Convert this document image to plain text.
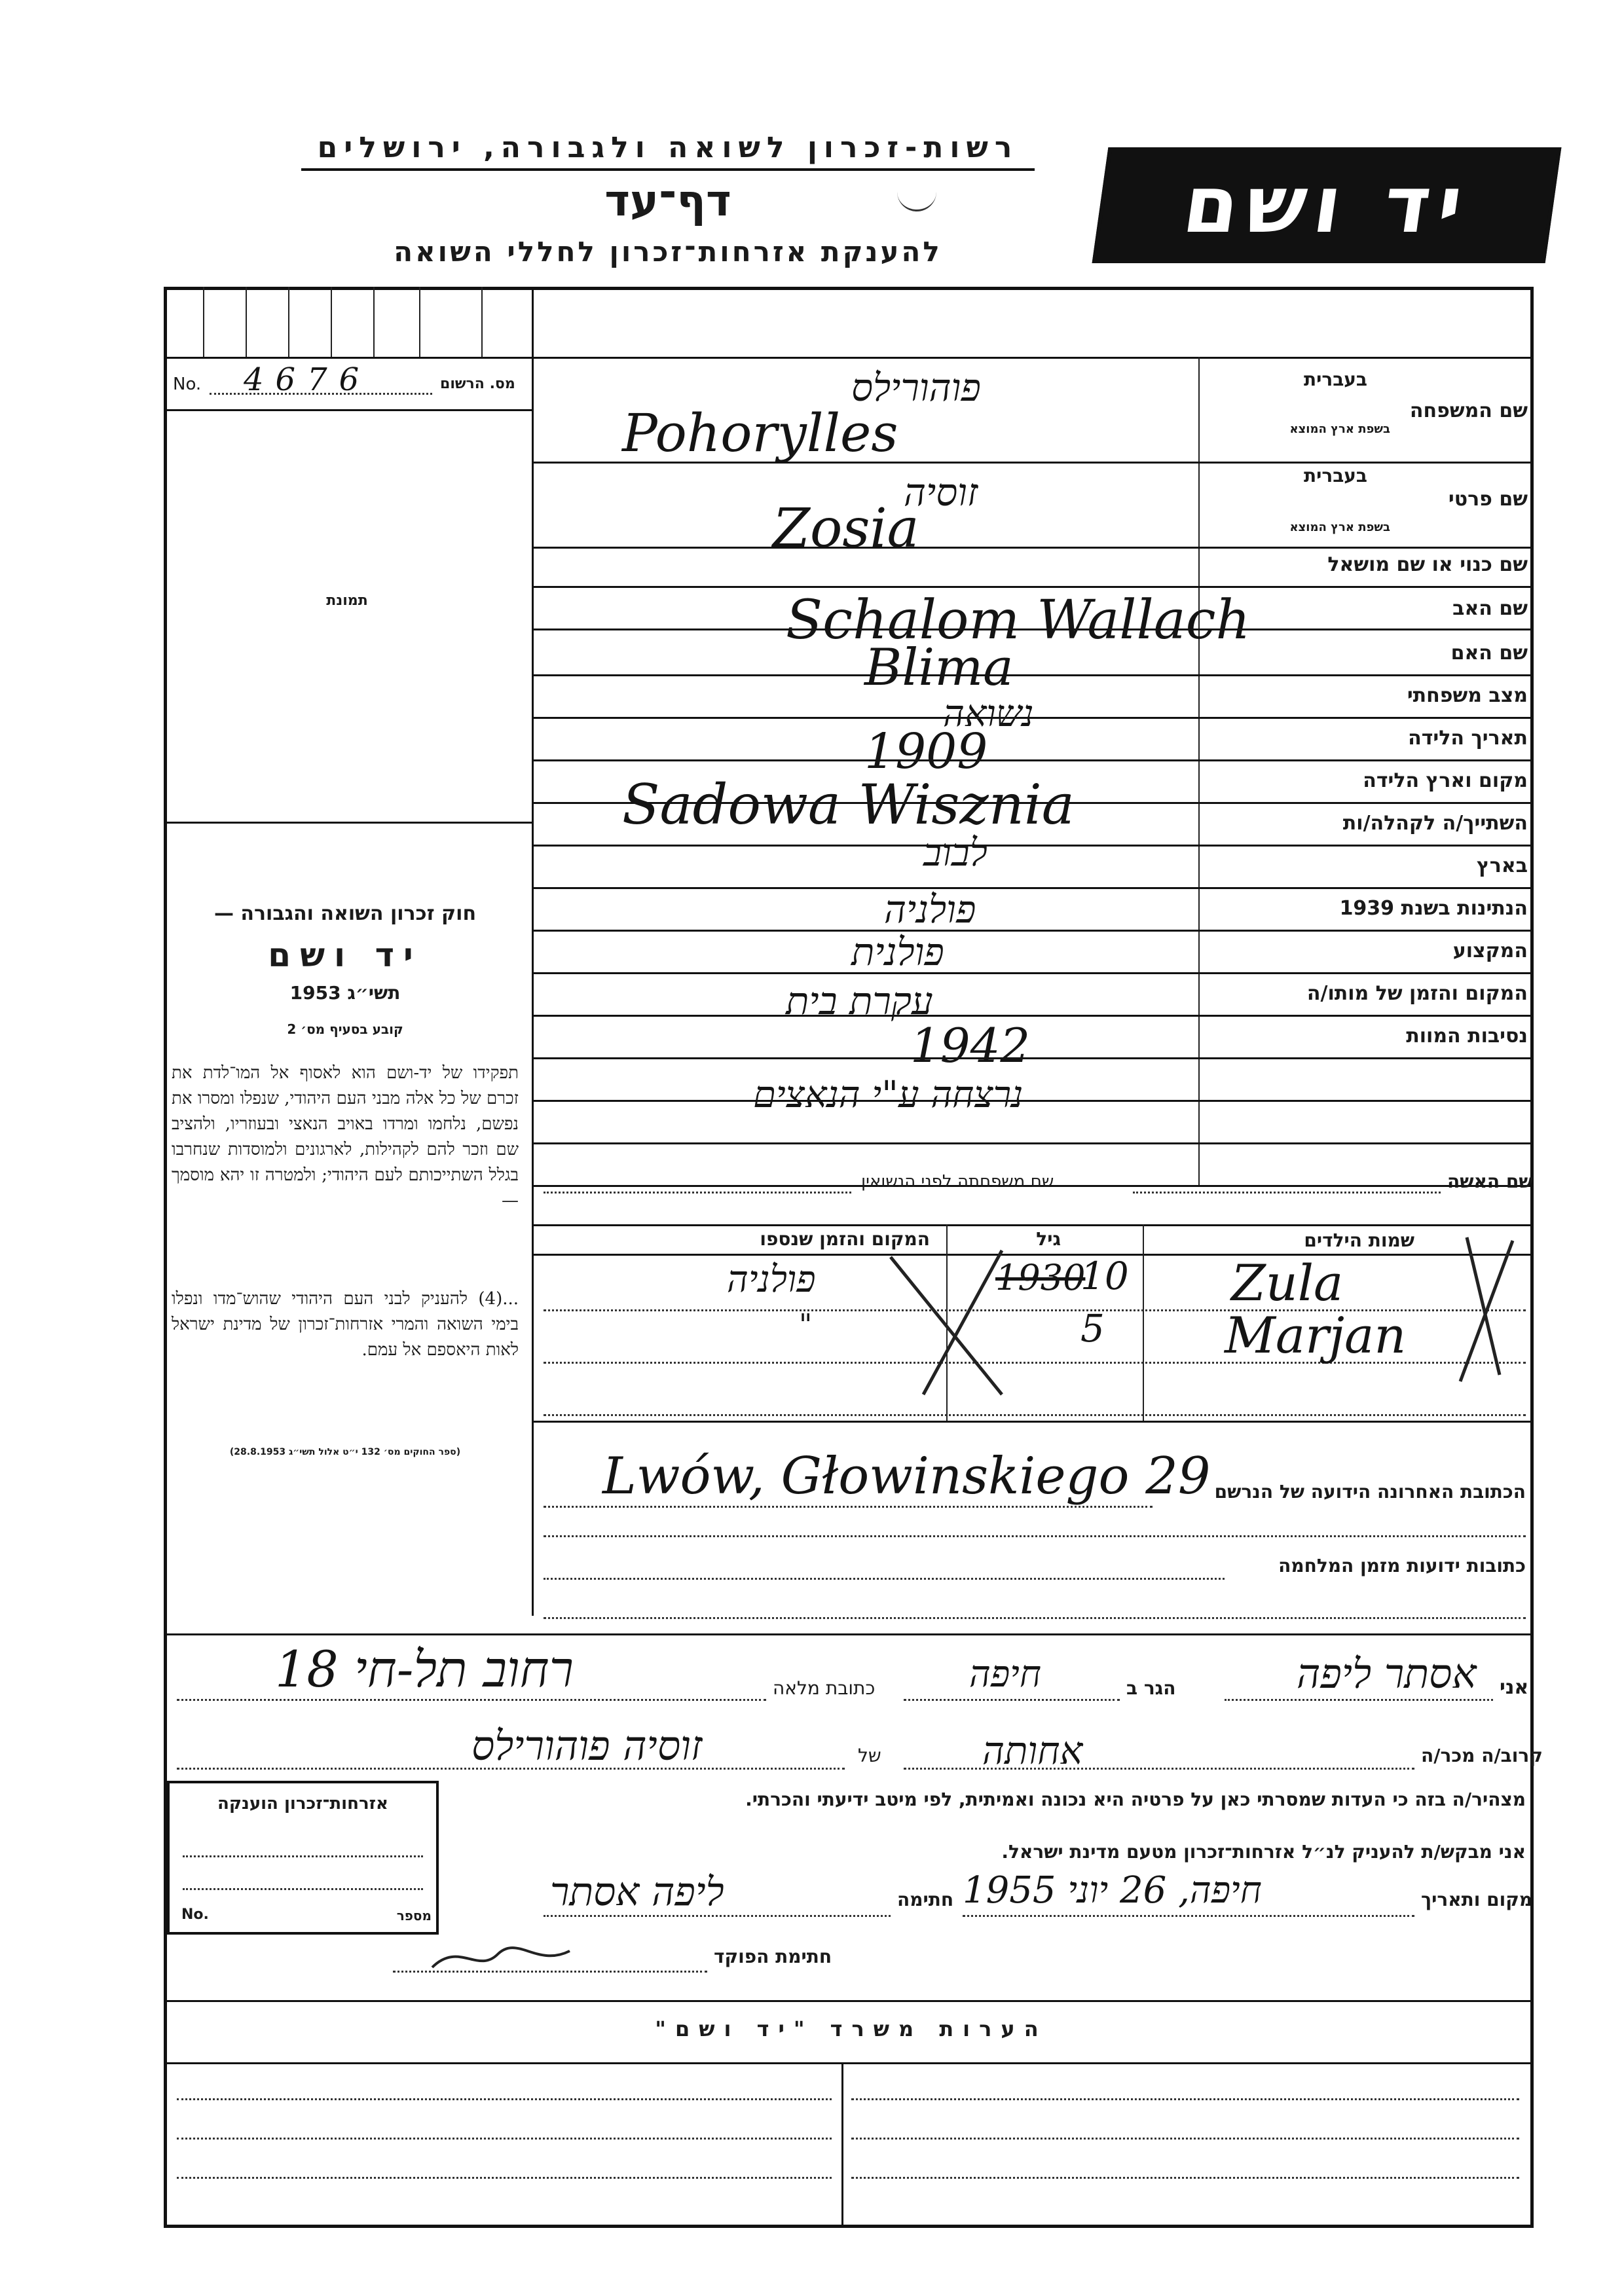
רשות-זכרון לשואה ולגבורה, ירושלים
דף־עד
להענקת אזרחות־זכרון לחללי השואה
יד ושם
No. 4676	מס. הרשום
תמונת
חוק זכרון השואה והגבורה —
יד ושם
תשי״ג 1953
קובע בסעיף מס׳ 2
תפקידו של יד-ושם הוא לאסוף אל המו־לדת את זכרם של כל אלה מבני העם היהודי, שנפלו ומסרו את נפשם, נלחמו ומרדו באויב הנאצי ובעוזריו, ולהציב שם וזכר להם לקהילות, לארגונים ולמוסדות שנחרבו בגלל השתייכותם לעם היהודי; ולמטרה זו יהא מוסמך —
...(4) להעניק לבני העם היהודי שהוש־מדו ונפלו בימי השואה והמרי אזרחות־זכרון של מדינת ישראל לאות היאספם אל עמם.
(ספר החוקים מס׳ 132 י״ט אלול תשי״ג 28.8.1953)
שם המשפחה
בעברית
בשפת ארץ המוצא
שם פרטי
בעברית
בשפת ארץ המוצא
שם כנוי או שם מושאל
שם האב
שם האם
מצב משפחתי
תאריך הלידה
מקום וארץ הלידה
השתייך/ה לקהלה/ות
בארץ
הנתינות בשנת 1939
המקצוע
המקום והזמן של מותו/ה
נסיבות המוות
פוהורילס
Pohorylles
זוסיה
Zosia
Schalom Wallach
Blima
נשואה
1909
Sadowa Wisznia
לבוב
פולניה
פולנית
עקרת בית
1942
נרצחה ע"י הנאצים
שם האשה
שם משפחתה לפני הנשואין
שמות הילדים
גיל
המקום והזמן שנספו
Zula
Marjan
1930
10
5
פולניה
"
הכתובת האחרונה הידועה של הנרשם
Lwów, Głowinskiego 29
כתובות ידועות מזמן המלחמה
אני
אסתר ליפה
הגר ב
חיפה
כתובת מלאה
רחוב תל-חי 18
קרוב/ה מכר/ה
אחותה
של
זוסיה פוהורילס
מצהיר/ה בזה כי העדות שמסרתי כאן על פרטיה היא נכונה ואמיתית, לפי מיטב ידיעתי והכרתי.
אזרחות־זכרון הוענקה
No.	מספר
אני מבקש/ת להעניק לנ״ל אזרחות־זכרון מטעם מדינת ישראל.
מקום ותאריך
חיפה, 26 יוני 1955
חתימה
ליפה אסתר
חתימת הפוקד
הערות משרד "יד ושם"
